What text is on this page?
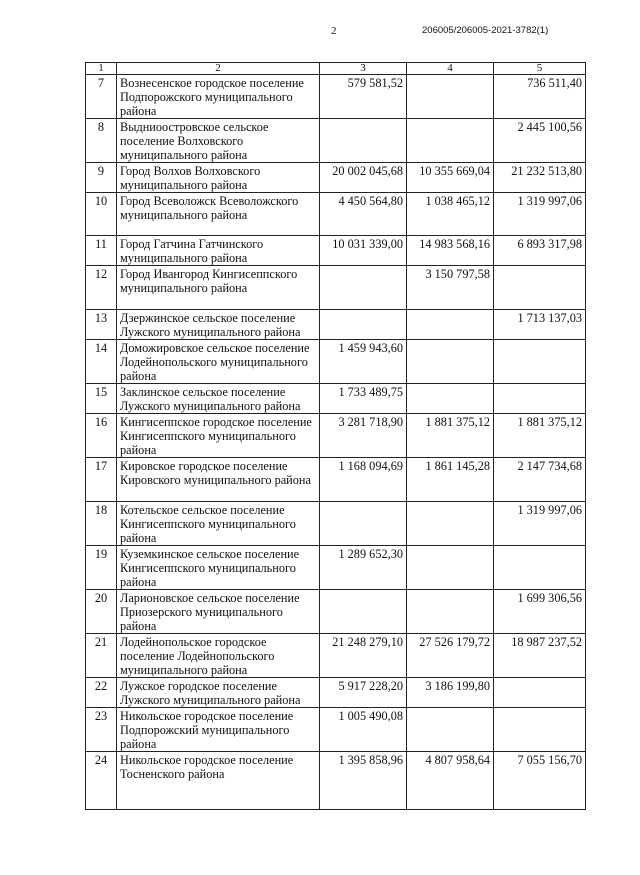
2	206005/206005-2021-3782(1)
1	2	3	4	5
7	Вознесенское городское поселение Подпорожского муниципального района	579 581,52		736 511,40
8	Выдниоостровское сельское поселение Волховского муниципального района			2 445 100,56
9	Город Волхов Волховского муниципального района	20 002 045,68	10 355 669,04	21 232 513,80
10	Город Всеволожск Всеволожского муниципального района	4 450 564,80	1 038 465,12	1 319 997,06
11	Город Гатчина Гатчинского муниципального района	10 031 339,00	14 983 568,16	6 893 317,98
12	Город Ивангород Кингисеппского муниципального района		3 150 797,58	
13	Дзержинское сельское поселение Лужского муниципального района			1 713 137,03
14	Доможировское сельское поселение Лодейнопольского муниципального района	1 459 943,60		
15	Заклинское сельское поселение Лужского муниципального района	1 733 489,75		
16	Кингисеппское городское поселение Кингисеппского муниципального района	3 281 718,90	1 881 375,12	1 881 375,12
17	Кировское городское поселение Кировского муниципального района	1 168 094,69	1 861 145,28	2 147 734,68
18	Котельское сельское поселение Кингисеппского муниципального района			1 319 997,06
19	Куземкинское сельское поселение Кингисеппского муниципального района	1 289 652,30		
20	Ларионовское сельское поселение Приозерского муниципального района			1 699 306,56
21	Лодейнопольское городское поселение Лодейнопольского муниципального района	21 248 279,10	27 526 179,72	18 987 237,52
22	Лужское городское поселение Лужского муниципального района	5 917 228,20	3 186 199,80	
23	Никольское городское поселение Подпорожский муниципального района	1 005 490,08		
24	Никольское городское поселение Тосненского района	1 395 858,96	4 807 958,64	7 055 156,70
